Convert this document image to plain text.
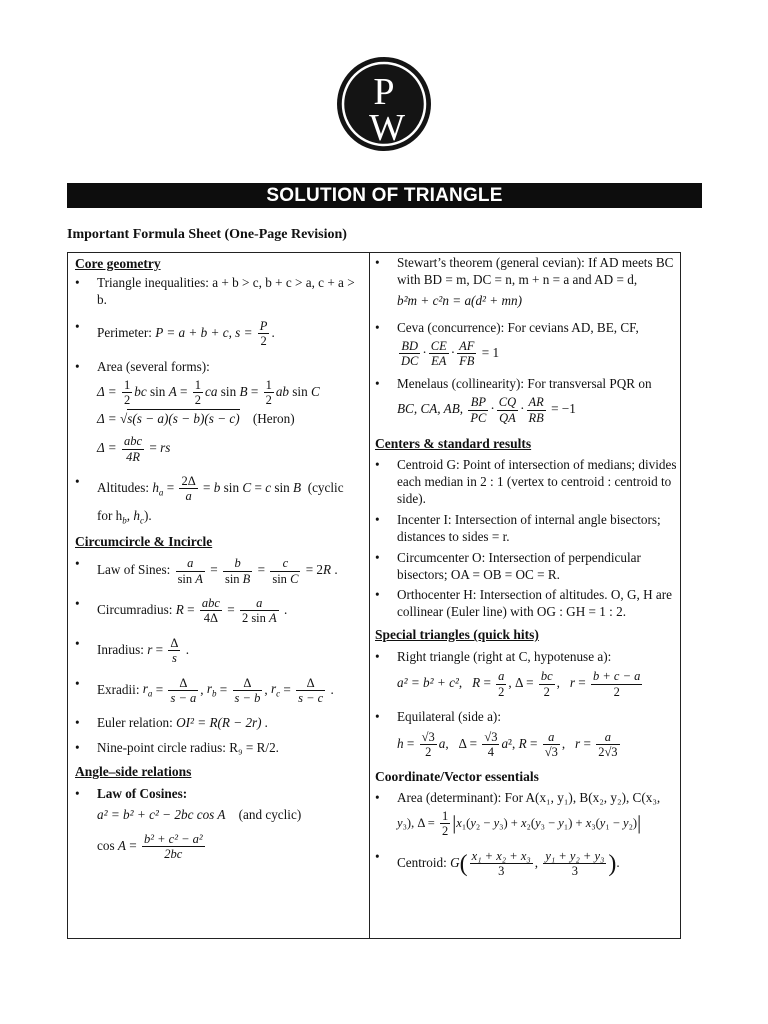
P
W
SOLUTION OF TRIANGLE
Important Formula Sheet (One-Page Revision)
Core geometry
•	Triangle inequalities: a + b > c, b + c > a, c + a > b.
•	Perimeter: P = a + b + c, $s = \frac{P}{2}$ .
•	Area (several forms):
$\Delta = \frac{1}{2}$ bc $\sin A = \frac{1}{2}$ ca $\sin B = \frac{1}{2}$ ab sin C
Δ = √s(s − a)(s − b)(s − c) (Heron)
$\Delta = \frac{\text{abc}}{4R}$ = rs
•	Altitudes: $h_a = \frac{2\Delta}{a} = b$ sin C = c sin B (cyclic
for $h_b$, $h_c$).
Circumcircle & Incircle
•	Law of Sines: $\frac{a}{\text{sin A}} = \frac{b}{\text{sin B}} = \frac{c}{\text{sin C}} = 2R$ .
•	Circumradius: $R = \frac{\text{abc}}{4\Delta} = \frac{a}{\text{2 sin A}}$ .
•	Inradius: $r = \frac{\Delta}{s}$ .
•	Exradii: $r_a = \frac{\Delta}{s - a}$ , $r_b = \frac{\Delta}{s - b}$ , $r_c = \frac{\Delta}{s - c}$ .
•	Euler relation: OI² = R(R − 2r) .
•	Nine-point circle radius: R₉ = R/2.
Angle–side relations
•	Law of Cosines:
a² = b² + c² − 2bc cos A (and cyclic)
$\cos A = \frac{\text{b² + c² − a²}}{2bc}$
•	Stewart’s theorem (general cevian): If AD meets BC with BD = m, DC = n, m + n = a and AD = d,
b²m + c²n = a(d² + mn)
•	Ceva (concurrence): For cevians AD, BE, CF,
$\frac{BD}{DC} \cdot \frac{CE}{EA} \cdot \frac{AF}{FB} = 1$
•	Menelaus (collinearity): For transversal PQR on
BC, CA, AB, $\frac{BP}{PC} \cdot \frac{CQ}{QA} \cdot \frac{AR}{RB} = -1$
Centers & standard results
•	Centroid G: Point of intersection of medians; divides each median in 2 : 1 (vertex to centroid : centroid to side).
•	Incenter I: Intersection of internal angle bisectors; distances to sides = r.
•	Circumcenter O: Intersection of perpendicular bisectors; OA = OB = OC = R.
•	Orthocenter H: Intersection of altitudes. O, G, H are collinear (Euler line) with OG : GH = 1 : 2.
Special triangles (quick hits)
•	Right triangle (right at C, hypotenuse a):
a² = b² + c²,   $R = \frac{a}{2}$ , $\Delta = \frac{bc}{2}$ ,   $r = \frac{b + c - a}{2}$
•	Equilateral (side a):
$h = \frac{√3}{2} a$,   $\Delta = \frac{√3}{4} a^2$, $R = \frac{a}{√3}$ ,   $r = \frac{a}{2√3}$
Coordinate/Vector essentials
•	Area (determinant): For A(x₁, y₁), B(x₂, y₂), C(x₃,
y₃), $\Delta = \frac{1}{2} |x_1(y_2 - y_3) + x_2(y_3 - y_1) + x_3(y_1 - y_2)|$
•	Centroid: $G( \frac{\text{x₁ + x₂ + x₃}}{3}$ , $\frac{\text{y₁ + y₂ + y₃}}{3}$ ).
